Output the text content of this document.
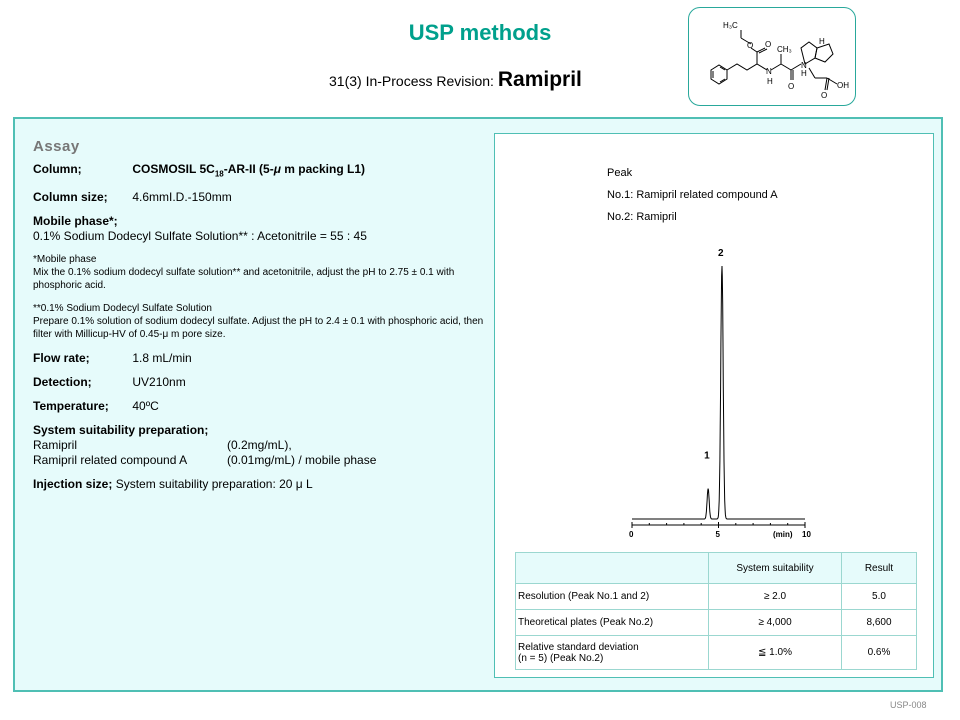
USP methods
31(3) In-Process Revision: Ramipril
H₃C
O O
N
H
CH₃
O
H
N
H
O
OH
Assay
Column;	COSMOSIL $5C_{18}-AR-II$ (5-μ m packing L1)
Column size; 4.6mmI.D.-150mm
Mobile phase*;
0.1% Sodium Dodecyl Sulfate Solution** : Acetonitrile = 55 : 45
*Mobile phase
Mix the 0.1% sodium dodecyl sulfate solution** and acetonitrile, adjust the pH to 2.75 ± 0.1 with phosphoric acid.
**0.1% Sodium Dodecyl Sulfate Solution
Prepare 0.1% solution of sodium dodecyl sulfate. Adjust the pH to 2.4 ± 0.1 with phosphoric acid, then filter with Millicup-HV of 0.45-μ m pore size.
Flow rate;	1.8 mL/min
Detection;	UV210nm
Temperature; 40ºC
System suitability preparation;
Ramipril	(0.2mg/mL),
Ramipril related compound A	(0.01mg/mL) / mobile phase
Injection size; System suitability preparation: 20 μ L
Peak
No.1: Ramipril related compound A
No.2: Ramipril
0	5	10
(min)
1
2
	System suitability	Result
Resolution (Peak No.1 and 2)	≥ 2.0	5.0
Theoretical plates (Peak No.2)	≥ 4,000	8,600

Relative standard deviation
(n = 5) (Peak No.2)	≦ 1.0%	0.6%
USP-008
